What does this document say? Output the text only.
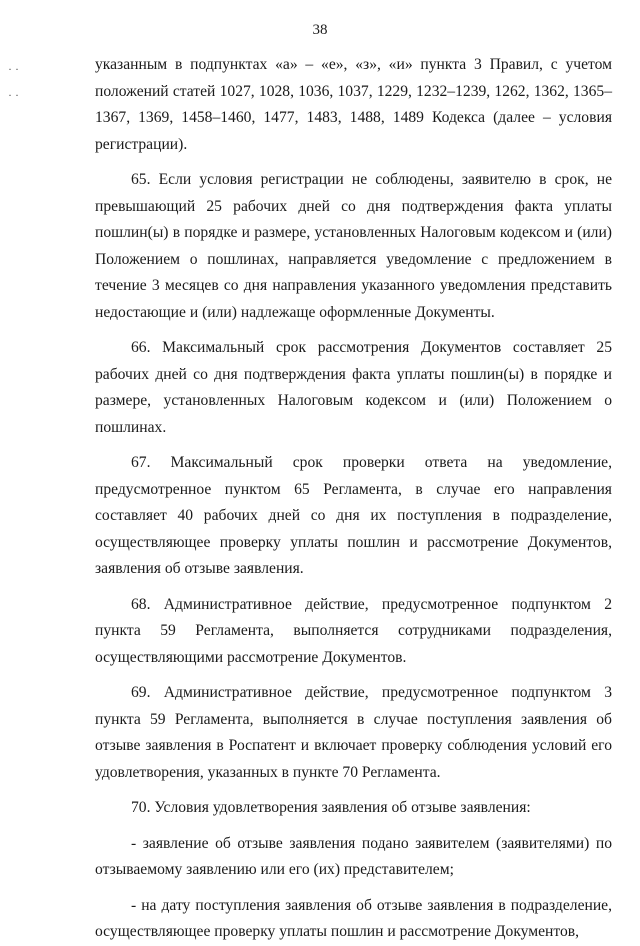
38
· ·
· ·

указанным в подпунктах «а» – «е», «з», «и» пункта 3 Правил, с учетом положений статей 1027, 1028, 1036, 1037, 1229, 1232–1239, 1262, 1362, 1365–1367, 1369, 1458–1460, 1477, 1483, 1488, 1489 Кодекса (далее – условия регистрации).

65. Если условия регистрации не соблюдены, заявителю в срок, не превышающий 25 рабочих дней со дня подтверждения факта уплаты пошлин(ы) в порядке и размере, установленных Налоговым кодексом и (или) Положением о пошлинах, направляется уведомление с предложением в течение 3 месяцев со дня направления указанного уведомления представить недостающие и (или) надлежаще оформленные Документы.

66. Максимальный срок рассмотрения Документов составляет 25 рабочих дней со дня подтверждения факта уплаты пошлин(ы) в порядке и размере, установленных Налоговым кодексом и (или) Положением о пошлинах.

67. Максимальный срок проверки ответа на уведомление, предусмотренное пунктом 65 Регламента, в случае его направления составляет 40 рабочих дней со дня их поступления в подразделение, осуществляющее проверку уплаты пошлин и рассмотрение Документов, заявления об отзыве заявления.

68. Административное действие, предусмотренное подпунктом 2 пункта 59 Регламента, выполняется сотрудниками подразделения, осуществляющими рассмотрение Документов.

69. Административное действие, предусмотренное подпунктом 3 пункта 59 Регламента, выполняется в случае поступления заявления об отзыве заявления в Роспатент и включает проверку соблюдения условий его удовлетворения, указанных в пункте 70 Регламента.

70. Условия удовлетворения заявления об отзыве заявления:

- заявление об отзыве заявления подано заявителем (заявителями) по отзываемому заявлению или его (их) представителем;

- на дату поступления заявления об отзыве заявления в подразделение, осуществляющее проверку уплаты пошлин и рассмотрение Документов,
